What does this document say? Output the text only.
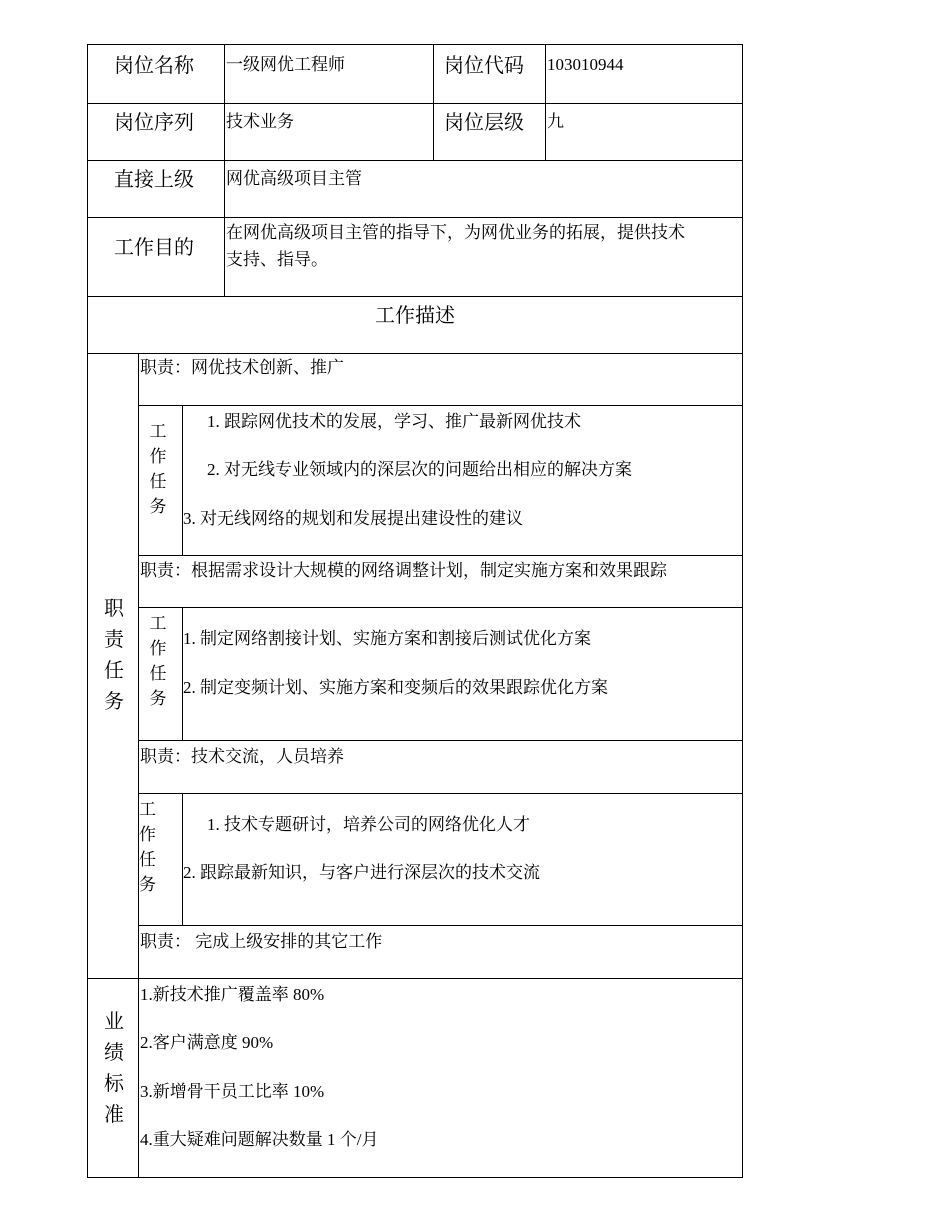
岗位名称 一级网优工程师	岗位代码 103010944
岗位序列 技术业务	岗位层级 九
直接上级 网优高级项目主管
工作目的
在网优高级项目主管的指导下，为网优业务的拓展，提供技术
支持、指导。
工作描述
职
责
任
务
职责：网优技术创新、推广
工
作
任
务
1. 跟踪网优技术的发展，学习、推广最新网优技术
2. 对无线专业领域内的深层次的问题给出相应的解决方案
3. 对无线网络的规划和发展提出建设性的建议
职责：根据需求设计大规模的网络调整计划，制定实施方案和效果跟踪
工
作
任
务
1. 制定网络割接计划、实施方案和割接后测试优化方案
2. 制定变频计划、实施方案和变频后的效果跟踪优化方案
职责：技术交流，人员培养
工
作
任
务
1. 技术专题研讨，培养公司的网络优化人才
2. 跟踪最新知识，与客户进行深层次的技术交流
职责： 完成上级安排的其它工作
业
绩
标
准
1.新技术推广覆盖率 80%
2.客户满意度 90%
3.新增骨干员工比率 10%
4.重大疑难问题解决数量 1 个/月
